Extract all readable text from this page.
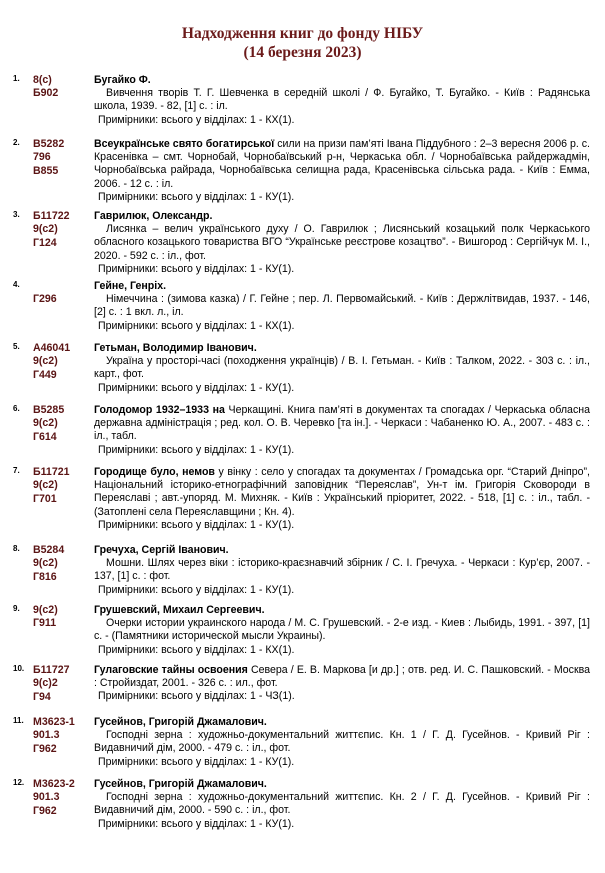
Надходження книг до фонду НІБУ
(14 березня 2023)
1. 8(с)
Б902
Бугайко Ф.
Вивчення творів Т. Г. Шевченка в середній школі / Ф. Бугайко, Т. Бугайко. - Київ : Радянська школа, 1939. - 82, [1] с. : іл.
Примірники: всього у відділах: 1 - КХ(1).
2. В5282
796
В855
Всеукраїнське свято богатирської сили на призи пам’яті Івана Піддубного : 2–3 вересня 2006 р. с. Красенівка – смт. Чорнобай, Чорнобаївський р-н, Черкаська обл. / Чорнобаївська райдержадмін, Чорнобаївська райрада, Чорнобаївська селищна рада, Красенівська сільська рада. - Київ : Емма, 2006. - 12 с. : іл.
Примірники: всього у відділах: 1 - КУ(1).
3. Б11722
9(с2)
Г124
Гаврилюк, Олександр.
Лисянка – велич українського духу / О. Гаврилюк ; Лисянський козацький полк Черкаського обласного козацького товариства ВГО “Українське реєстрове козацтво”. - Вишгород : Сергійчук М. І., 2020. - 592 с. : іл., фот.
Примірники: всього у відділах: 1 - КУ(1).
4.

Г296
Гейне, Генріх.
Німеччина : (зимова казка) / Г. Гейне ; пер. Л. Первомайський. - Київ : Держлітвидав, 1937. - 146, [2] с. : 1 вкл. л., іл.
Примірники: всього у відділах: 1 - КХ(1).
5. А46041
9(с2)
Г449
Гетьман, Володимир Іванович.
Україна у просторі-часі (походження українців) / В. І. Гетьман. - Київ : Талком, 2022. - 303 с. : іл., карт., фот.
Примірники: всього у відділах: 1 - КУ(1).
6. В5285
9(с2)
Г614
Голодомор 1932–1933 на Черкащині. Книга пам’яті в документах та спогадах / Черкаська обласна державна адміністрація ; ред. кол. О. В. Черевко [та ін.]. - Черкаси : Чабаненко Ю. А., 2007. - 483 с. : іл., табл.
Примірники: всього у відділах: 1 - КУ(1).
7. Б11721
9(с2)
Г701
Городище було, немов у вінку : село у спогадах та документах / Громадська орг. “Старий Дніпро”, Національний історико-етнографічний заповідник “Переяслав”, Ун-т ім. Григорія Сковороди в Переяславі ; авт.-упоряд. М. Михняк. - Київ : Український пріоритет, 2022. - 518, [1] с. : іл., табл. - (Затоплені села Переяславщини ; Кн. 4).
Примірники: всього у відділах: 1 - КУ(1).
8. В5284
9(с2)
Г816
Гречуха, Сергій Іванович.
Мошни. Шлях через віки : історико-краєзнавчий збірник / С. І. Гречуха. - Черкаси : Кур’єр, 2007. - 137, [1] с. : фот.
Примірники: всього у відділах: 1 - КУ(1).
9. 9(с2)
Г911
Грушевский, Михаил Сергеевич.
Очерки истории украинского народа / М. С. Грушевский. - 2-е изд. - Киев : Лыбидь, 1991. - 397, [1] с. - (Памятники исторической мысли Украины).
Примірники: всього у відділах: 1 - КХ(1).
10. Б11727
9(с)2
Г94
Гулаговские тайны освоения Севера / Е. В. Маркова [и др.] ; отв. ред. И. С. Пашковский. - Москва : Стройиздат, 2001. - 326 с. : ил., фот.
Примірники: всього у відділах: 1 - ЧЗ(1).
11. М3623-1
901.3
Г962
Гусейнов, Григорій Джамалович.
Господні зерна : художньо-документальний життєпис. Кн. 1 / Г. Д. Гусейнов. - Кривий Ріг : Видавничий дім, 2000. - 479 с. : іл., фот.
Примірники: всього у відділах: 1 - КУ(1).
12. М3623-2
901.3
Г962
Гусейнов, Григорій Джамалович.
Господні зерна : художньо-документальний життєпис. Кн. 2 / Г. Д. Гусейнов. - Кривий Ріг : Видавничий дім, 2000. - 590 с. : іл., фот.
Примірники: всього у відділах: 1 - КУ(1).
